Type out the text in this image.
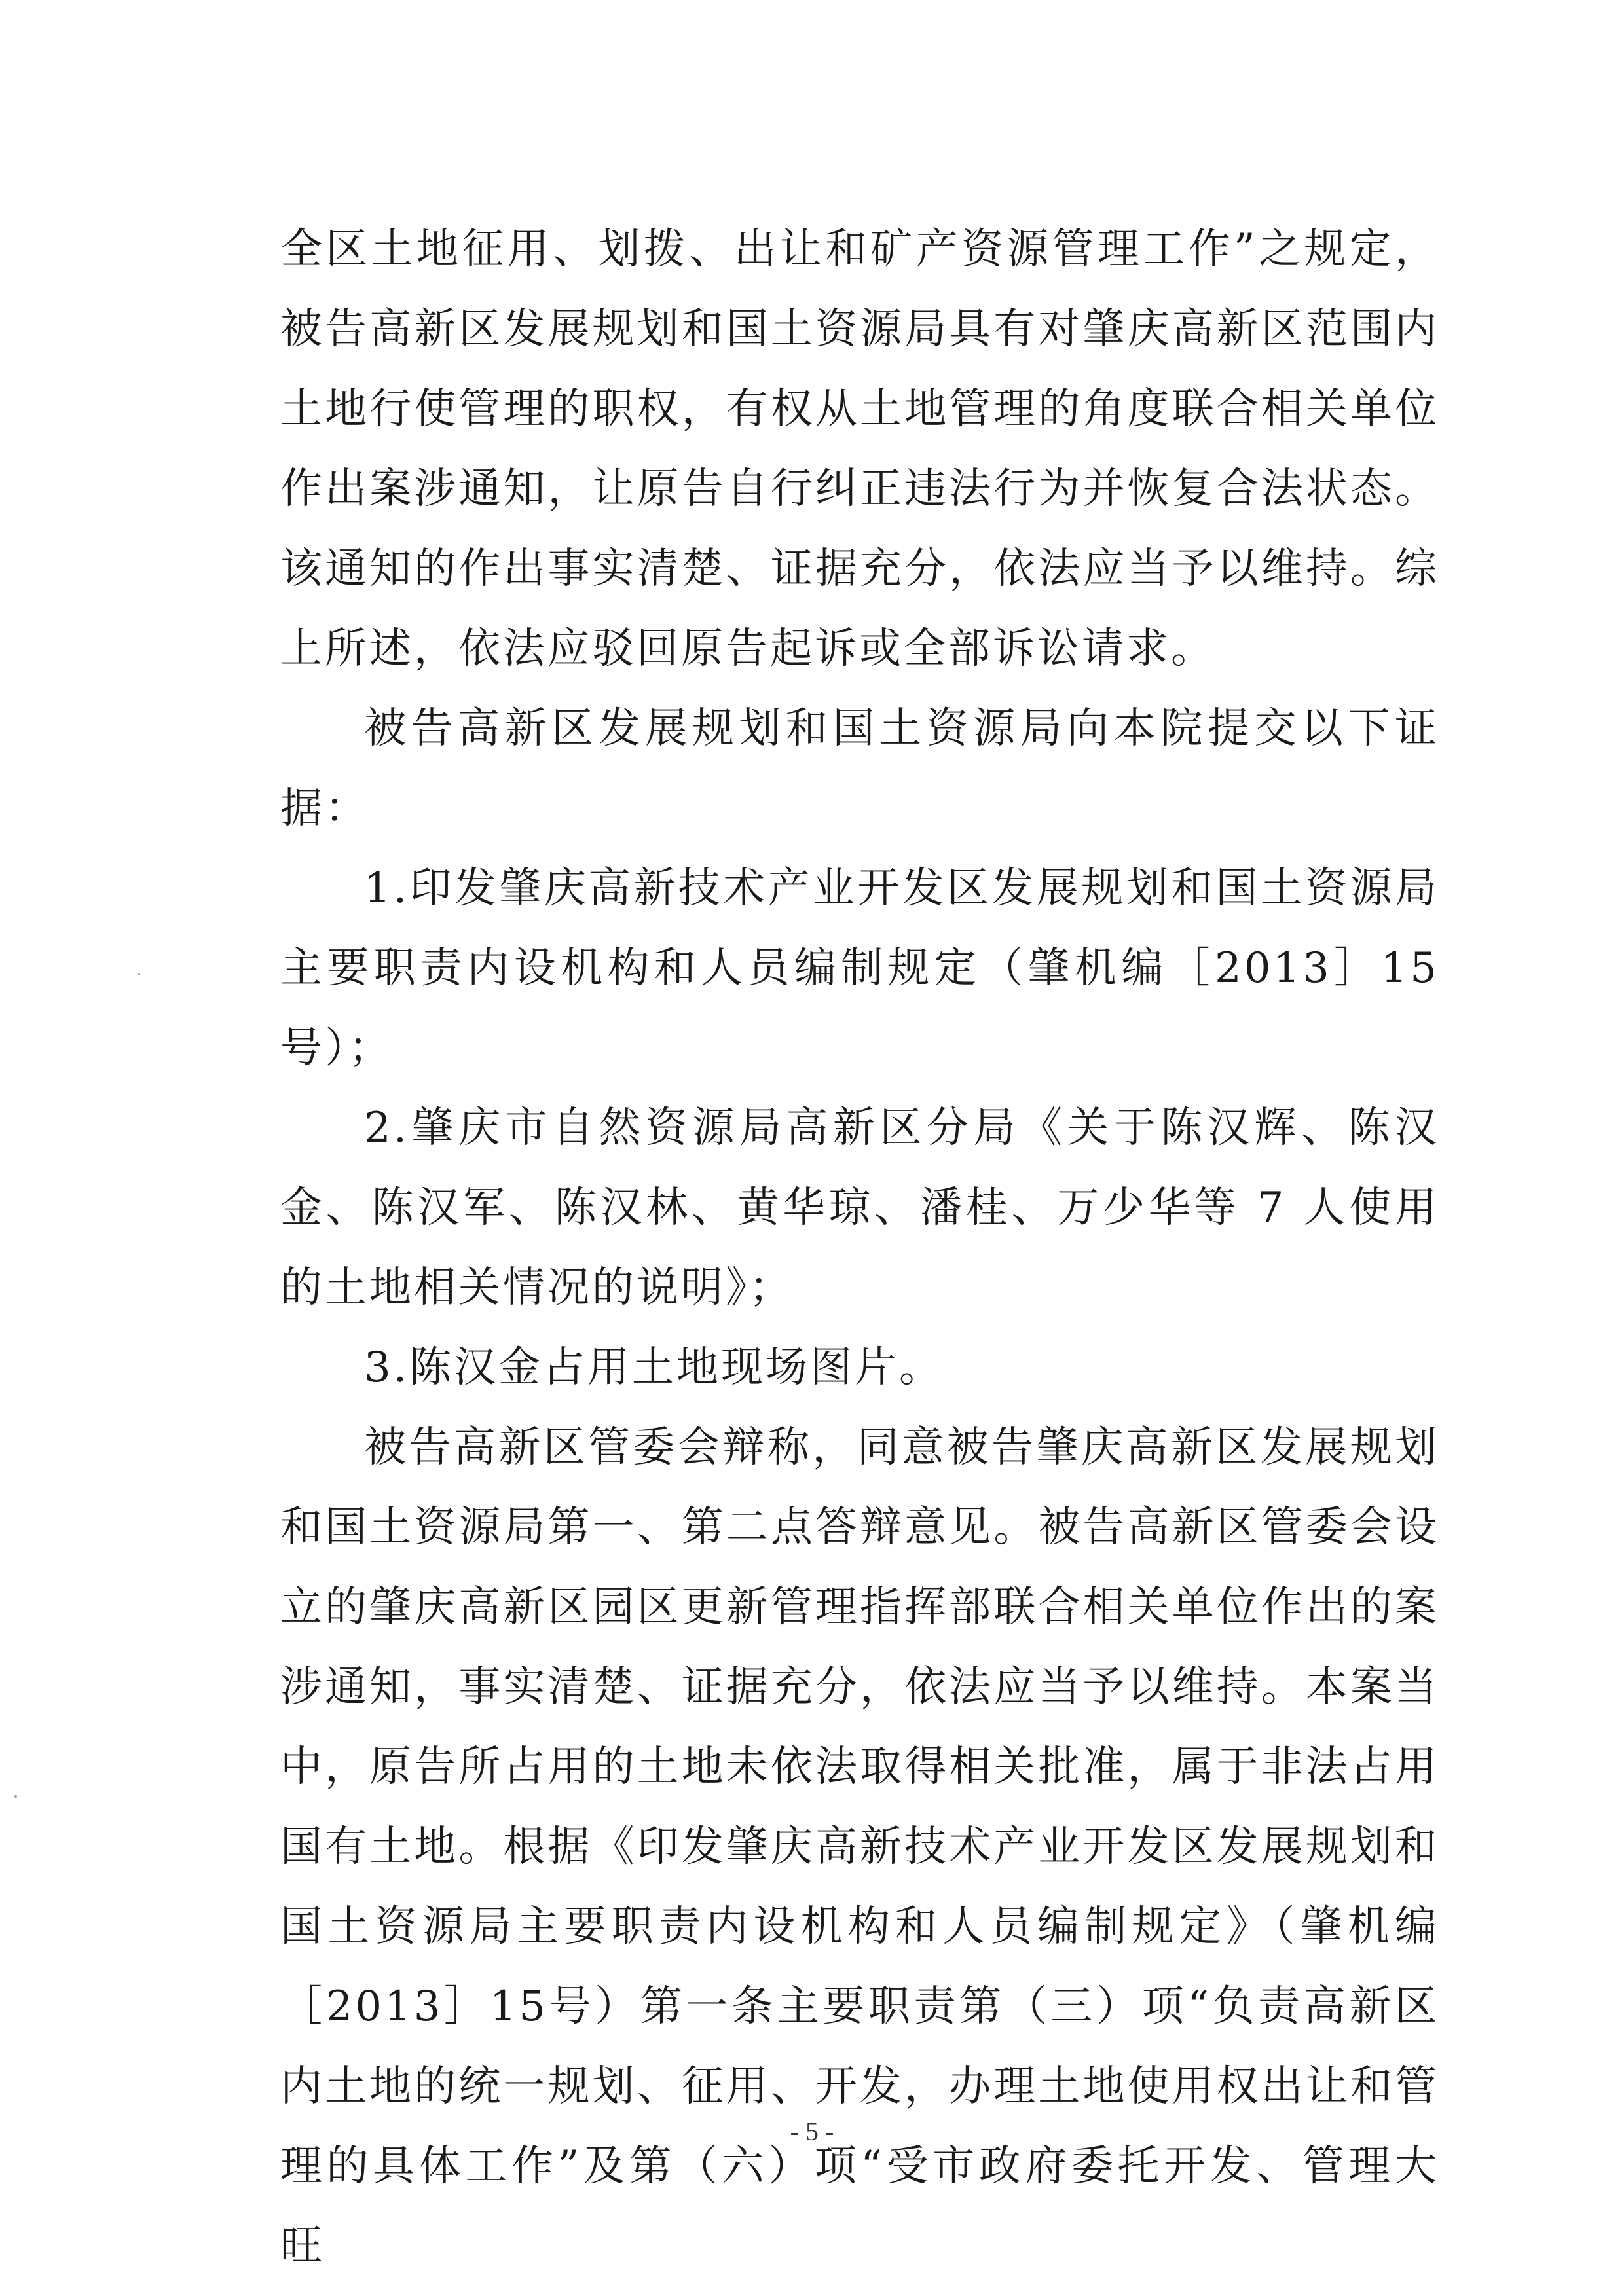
全区土地征用、划拨、出让和矿产资源管理工作”之规定，被告高新区发展规划和国土资源局具有对肇庆高新区范围内土地行使管理的职权，有权从土地管理的角度联合相关单位作出案涉通知，让原告自行纠正违法行为并恢复合法状态。该通知的作出事实清楚、证据充分，依法应当予以维持。综上所述，依法应驳回原告起诉或全部诉讼请求。

被告高新区发展规划和国土资源局向本院提交以下证据：

1.印发肇庆高新技术产业开发区发展规划和国土资源局主要职责内设机构和人员编制规定（肇机编［2013］15号）；

2.肇庆市自然资源局高新区分局《关于陈汉辉、陈汉金、陈汉军、陈汉林、黄华琼、潘桂、万少华等 7 人使用的土地相关情况的说明》；

3.陈汉金占用土地现场图片。

被告高新区管委会辩称，同意被告肇庆高新区发展规划和国土资源局第一、第二点答辩意见。被告高新区管委会设立的肇庆高新区园区更新管理指挥部联合相关单位作出的案涉通知，事实清楚、证据充分，依法应当予以维持。本案当中，原告所占用的土地未依法取得相关批准，属于非法占用国有土地。根据《印发肇庆高新技术产业开发区发展规划和国土资源局主要职责内设机构和人员编制规定》（肇机编［2013］15号）第一条主要职责第（三）项“负责高新区内土地的统一规划、征用、开发，办理土地使用权出让和管理的具体工作”及第（六）项“受市政府委托开发、管理大旺

- 5 -
